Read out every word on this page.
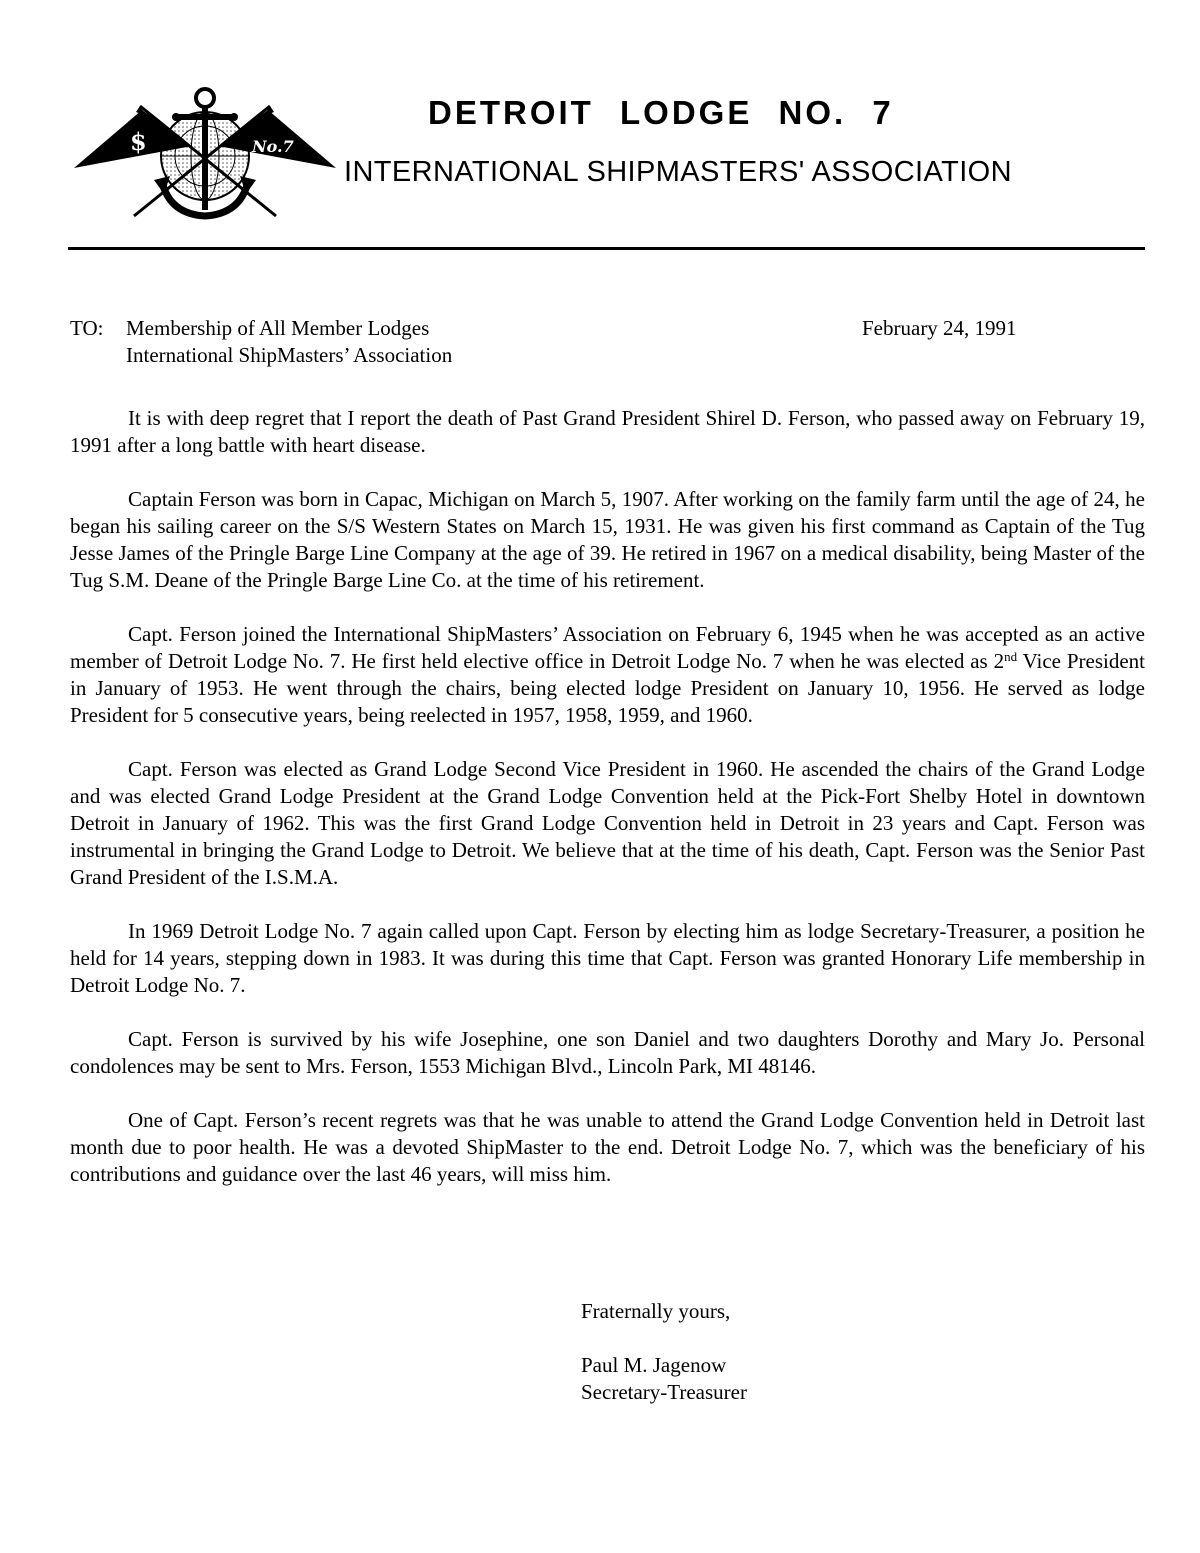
$	No.7
DETROIT LODGE NO. 7
INTERNATIONAL SHIPMASTERS' ASSOCIATION
TO: Membership of All Member Lodges
International ShipMasters’ Association
February 24, 1991

It is with deep regret that I report the death of Past Grand President Shirel D. Ferson, who passed away on February 19, 1991 after a long battle with heart disease.

Captain Ferson was born in Capac, Michigan on March 5, 1907. After working on the family farm until the age of 24, he began his sailing career on the S/S Western States on March 15, 1931. He was given his first command as Captain of the Tug Jesse James of the Pringle Barge Line Company at the age of 39. He retired in 1967 on a medical disability, being Master of the Tug S.M. Deane of the Pringle Barge Line Co. at the time of his retirement.

Capt. Ferson joined the International ShipMasters’ Association on February 6, 1945 when he was accepted as an active member of Detroit Lodge No. 7. He first held elective office in Detroit Lodge No. 7 when he was elected as 2nd Vice President in January of 1953. He went through the chairs, being elected lodge President on January 10, 1956. He served as lodge President for 5 consecutive years, being reelected in 1957, 1958, 1959, and 1960.

Capt. Ferson was elected as Grand Lodge Second Vice President in 1960. He ascended the chairs of the Grand Lodge and was elected Grand Lodge President at the Grand Lodge Convention held at the Pick-Fort Shelby Hotel in downtown Detroit in January of 1962. This was the first Grand Lodge Convention held in Detroit in 23 years and Capt. Ferson was instrumental in bringing the Grand Lodge to Detroit. We believe that at the time of his death, Capt. Ferson was the Senior Past Grand President of the I.S.M.A.

In 1969 Detroit Lodge No. 7 again called upon Capt. Ferson by electing him as lodge Secretary-Treasurer, a position he held for 14 years, stepping down in 1983. It was during this time that Capt. Ferson was granted Honorary Life membership in Detroit Lodge No. 7.

Capt. Ferson is survived by his wife Josephine, one son Daniel and two daughters Dorothy and Mary Jo. Personal condolences may be sent to Mrs. Ferson, 1553 Michigan Blvd., Lincoln Park, MI 48146.

One of Capt. Ferson’s recent regrets was that he was unable to attend the Grand Lodge Convention held in Detroit last month due to poor health. He was a devoted ShipMaster to the end. Detroit Lodge No. 7, which was the beneficiary of his contributions and guidance over the last 46 years, will miss him.

Fraternally yours,
Paul M. Jagenow
Secretary-Treasurer
